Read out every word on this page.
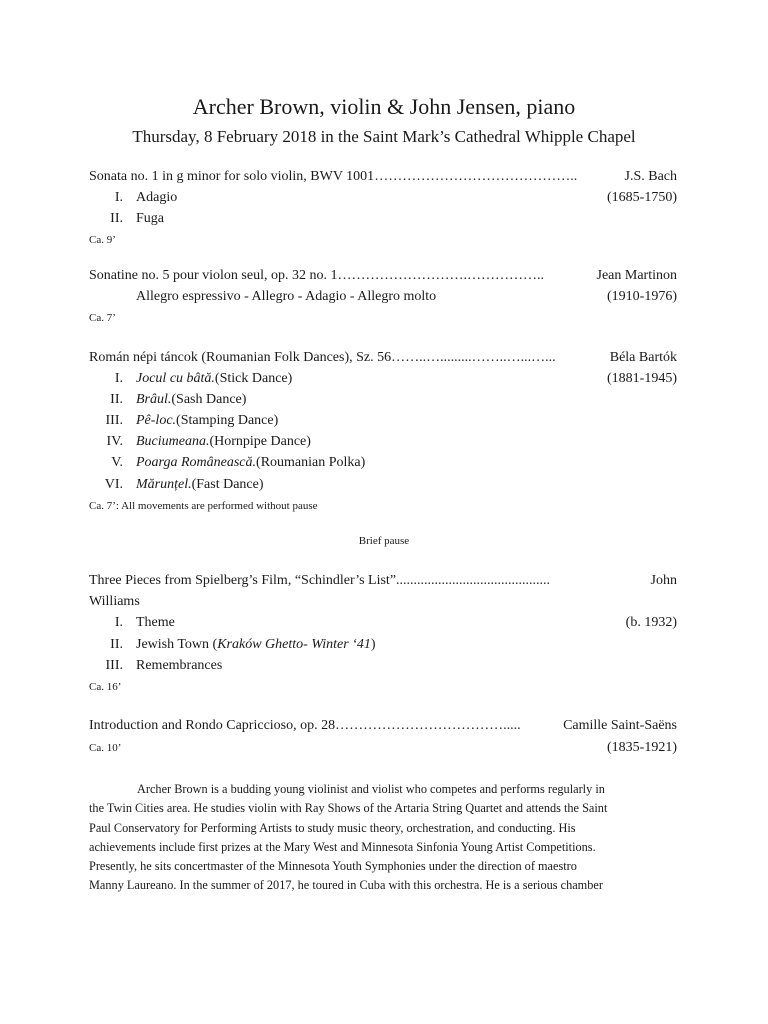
Archer Brown, violin & John Jensen, piano
Thursday, 8 February 2018 in the Saint Mark’s Cathedral Whipple Chapel
Sonata no. 1 in g minor for solo violin, BWV 1001 ……………………………………..	J.S. Bach
I. Adagio	(1685-1750)
II. Fuga
Ca. 9’
Sonatine no. 5 pour violon seul, op. 32 no. 1 ……………………….……………..	Jean Martinon
Allegro espressivo - Allegro - Adagio - Allegro molto	(1910-1976)
Ca. 7’
Román népi táncok (Roumanian Folk Dances), Sz. 56 ……..….........……..…...…...	Béla Bartók
I. Jocul cu bâtă.(Stick Dance)	(1881-1945)
II. Brâul.(Sash Dance)
III. Pê-loc.(Stamping Dance)
IV. Buciumeana.(Hornpipe Dance)
V. Poarga Românească.(Roumanian Polka)
VI. Mărunțel.(Fast Dance)
Ca. 7’: All movements are performed without pause
Brief pause
Three Pieces from Spielberg’s Film, “Schindler’s List” ............................................	John
Williams
I. Theme	(b. 1932)
II. Jewish Town (Kraków Ghetto- Winter ‘41)
III. Remembrances
Ca. 16’
Introduction and Rondo Capriccioso, op. 28 ……………………………….....	Camille Saint-Saëns
Ca. 10’	(1835-1921)
Archer Brown is a budding young violinist and violist who competes and performs regularly in
the Twin Cities area. He studies violin with Ray Shows of the Artaria String Quartet and attends the Saint
Paul Conservatory for Performing Artists to study music theory, orchestration, and conducting. His
achievements include first prizes at the Mary West and Minnesota Sinfonia Young Artist Competitions.
Presently, he sits concertmaster of the Minnesota Youth Symphonies under the direction of maestro
Manny Laureano. In the summer of 2017, he toured in Cuba with this orchestra. He is a serious chamber
